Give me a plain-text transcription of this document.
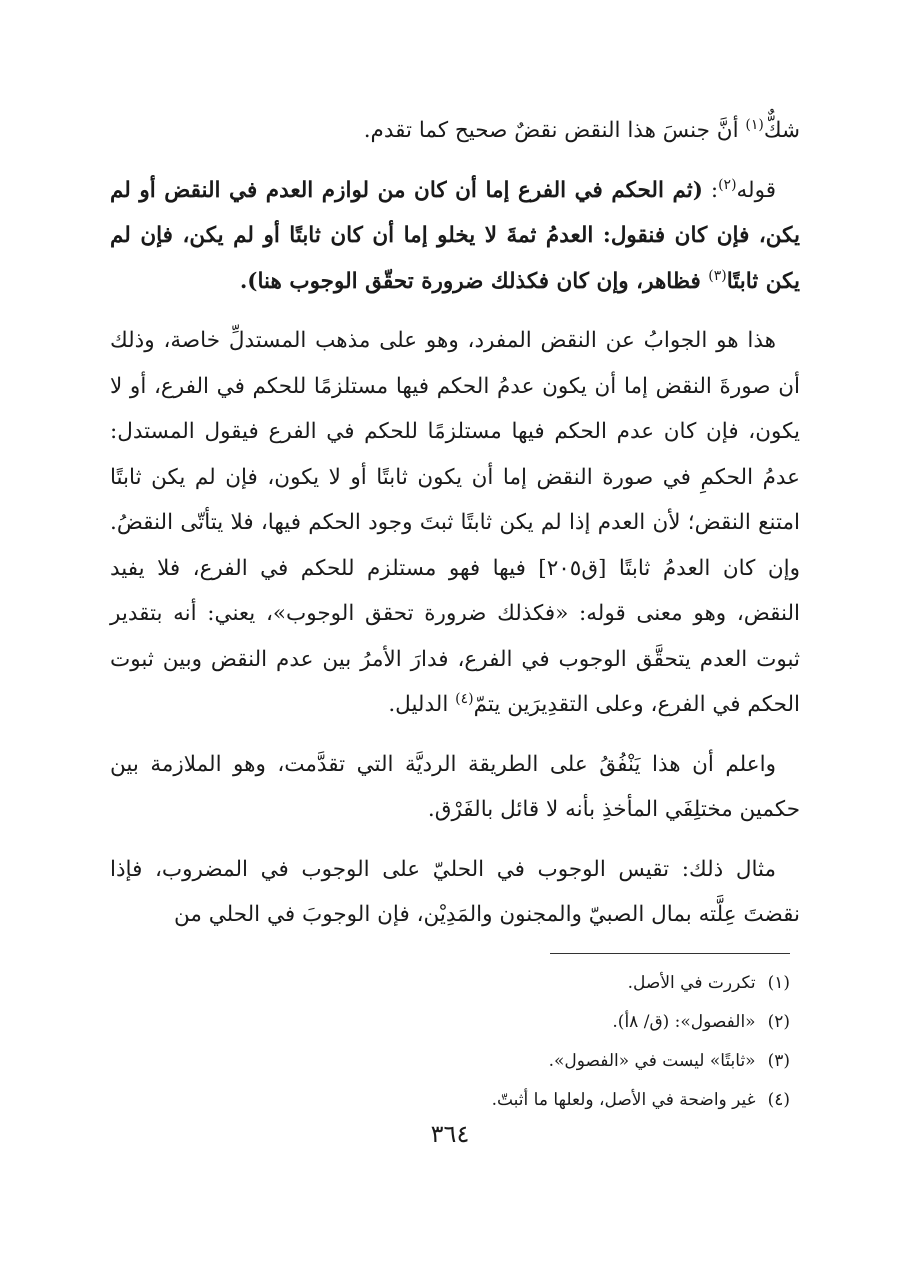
شكٌّ$^{(١)}$ أنَّ جنسَ هذا النقض نقضٌ صحيح كما تقدم.

قوله$^{(٢)}$: (ثم الحكم في الفرع إما أن كان من لوازم العدم في النقض أو لم يكن، فإن كان فنقول: العدمُ ثمةَ لا يخلو إما أن كان ثابتًا أو لم يكن، فإن لم يكن ثابتًا$^{(٣)}$ فظاهر، وإن كان فكذلك ضرورة تحقّق الوجوب هنا).

هذا هو الجوابُ عن النقض المفرد، وهو على مذهب المستدلِّ خاصة، وذلك أن صورةَ النقض إما أن يكون عدمُ الحكم فيها مستلزمًا للحكم في الفرع، أو لا يكون، فإن كان عدم الحكم فيها مستلزمًا للحكم في الفرع فيقول المستدل: عدمُ الحكمِ في صورة النقض إما أن يكون ثابتًا أو لا يكون، فإن لم يكن ثابتًا امتنع النقض؛ لأن العدم إذا لم يكن ثابتًا ثبتَ وجود الحكم فيها، فلا يتأتّى النقضُ. وإن كان العدمُ ثابتًا [ق٢٠٥] فيها فهو مستلزم للحكم في الفرع، فلا يفيد النقض، وهو معنى قوله: «فكذلك ضرورة تحقق الوجوب»، يعني: أنه بتقدير ثبوت العدم يتحقَّق الوجوب في الفرع، فدارَ الأمرُ بين عدم النقض وبين ثبوت الحكم في الفرع، وعلى التقدِيرَين يتمّ$^{(٤)}$ الدليل.

واعلم أن هذا يَنْفُقُ على الطريقة الرديَّة التي تقدَّمت، وهو الملازمة بين حكمين مختلِفَي المأخذِ بأنه لا قائل بالفَرْق.

مثال ذلك: تقيس الوجوب في الحليّ على الوجوب في المضروب، فإذا نقضتَ عِلَّته بمال الصبيّ والمجنون والمَدِيْن، فإن الوجوبَ في الحلي من

(١)تكررت في الأصل.
(٢)«الفصول»: (ق/ ٨أ).
(٣)«ثابتًا» ليست في «الفصول».
(٤)غير واضحة في الأصل، ولعلها ما أثبتّ.
٣٦٤
